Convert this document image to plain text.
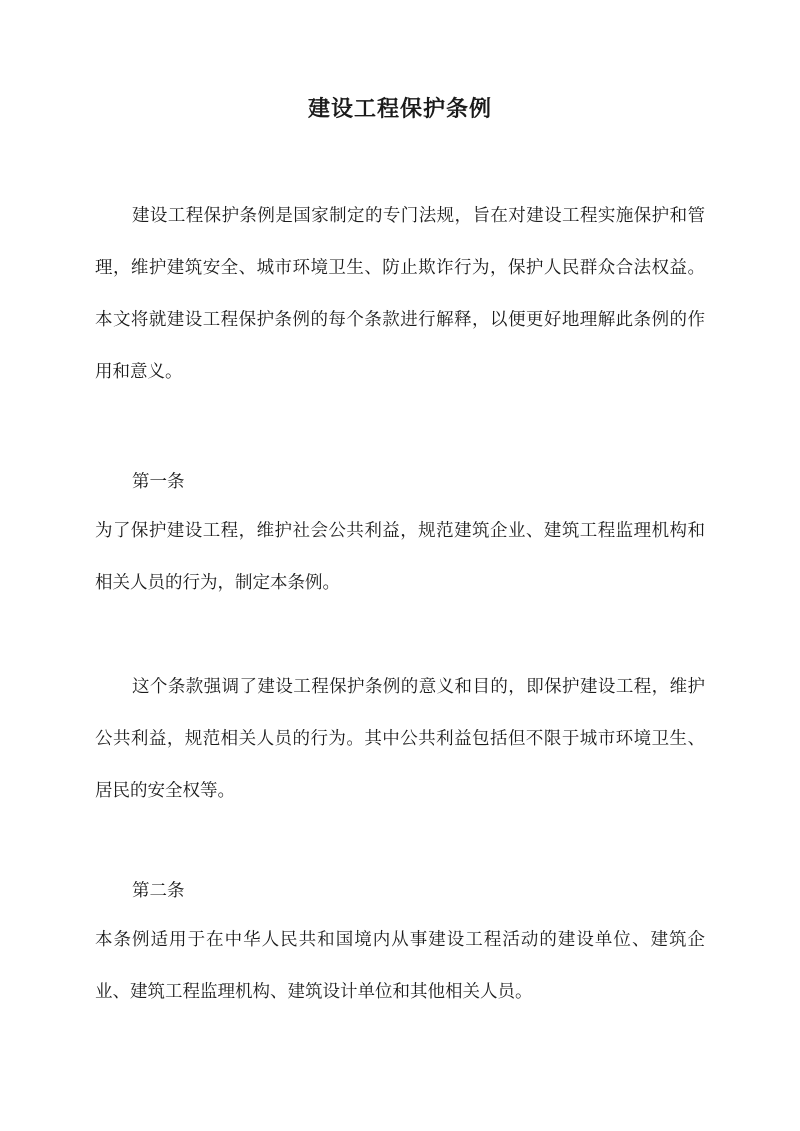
建设工程保护条例

建设工程保护条例是国家制定的专门法规，旨在对建设工程实施保护和管理，维护建筑安全、城市环境卫生、防止欺诈行为，保护人民群众合法权益。本文将就建设工程保护条例的每个条款进行解释，以便更好地理解此条例的作用和意义。

第一条

为了保护建设工程，维护社会公共利益，规范建筑企业、建筑工程监理机构和相关人员的行为，制定本条例。

这个条款强调了建设工程保护条例的意义和目的，即保护建设工程，维护公共利益，规范相关人员的行为。其中公共利益包括但不限于城市环境卫生、居民的安全权等。

第二条

本条例适用于在中华人民共和国境内从事建设工程活动的建设单位、建筑企业、建筑工程监理机构、建筑设计单位和其他相关人员。
